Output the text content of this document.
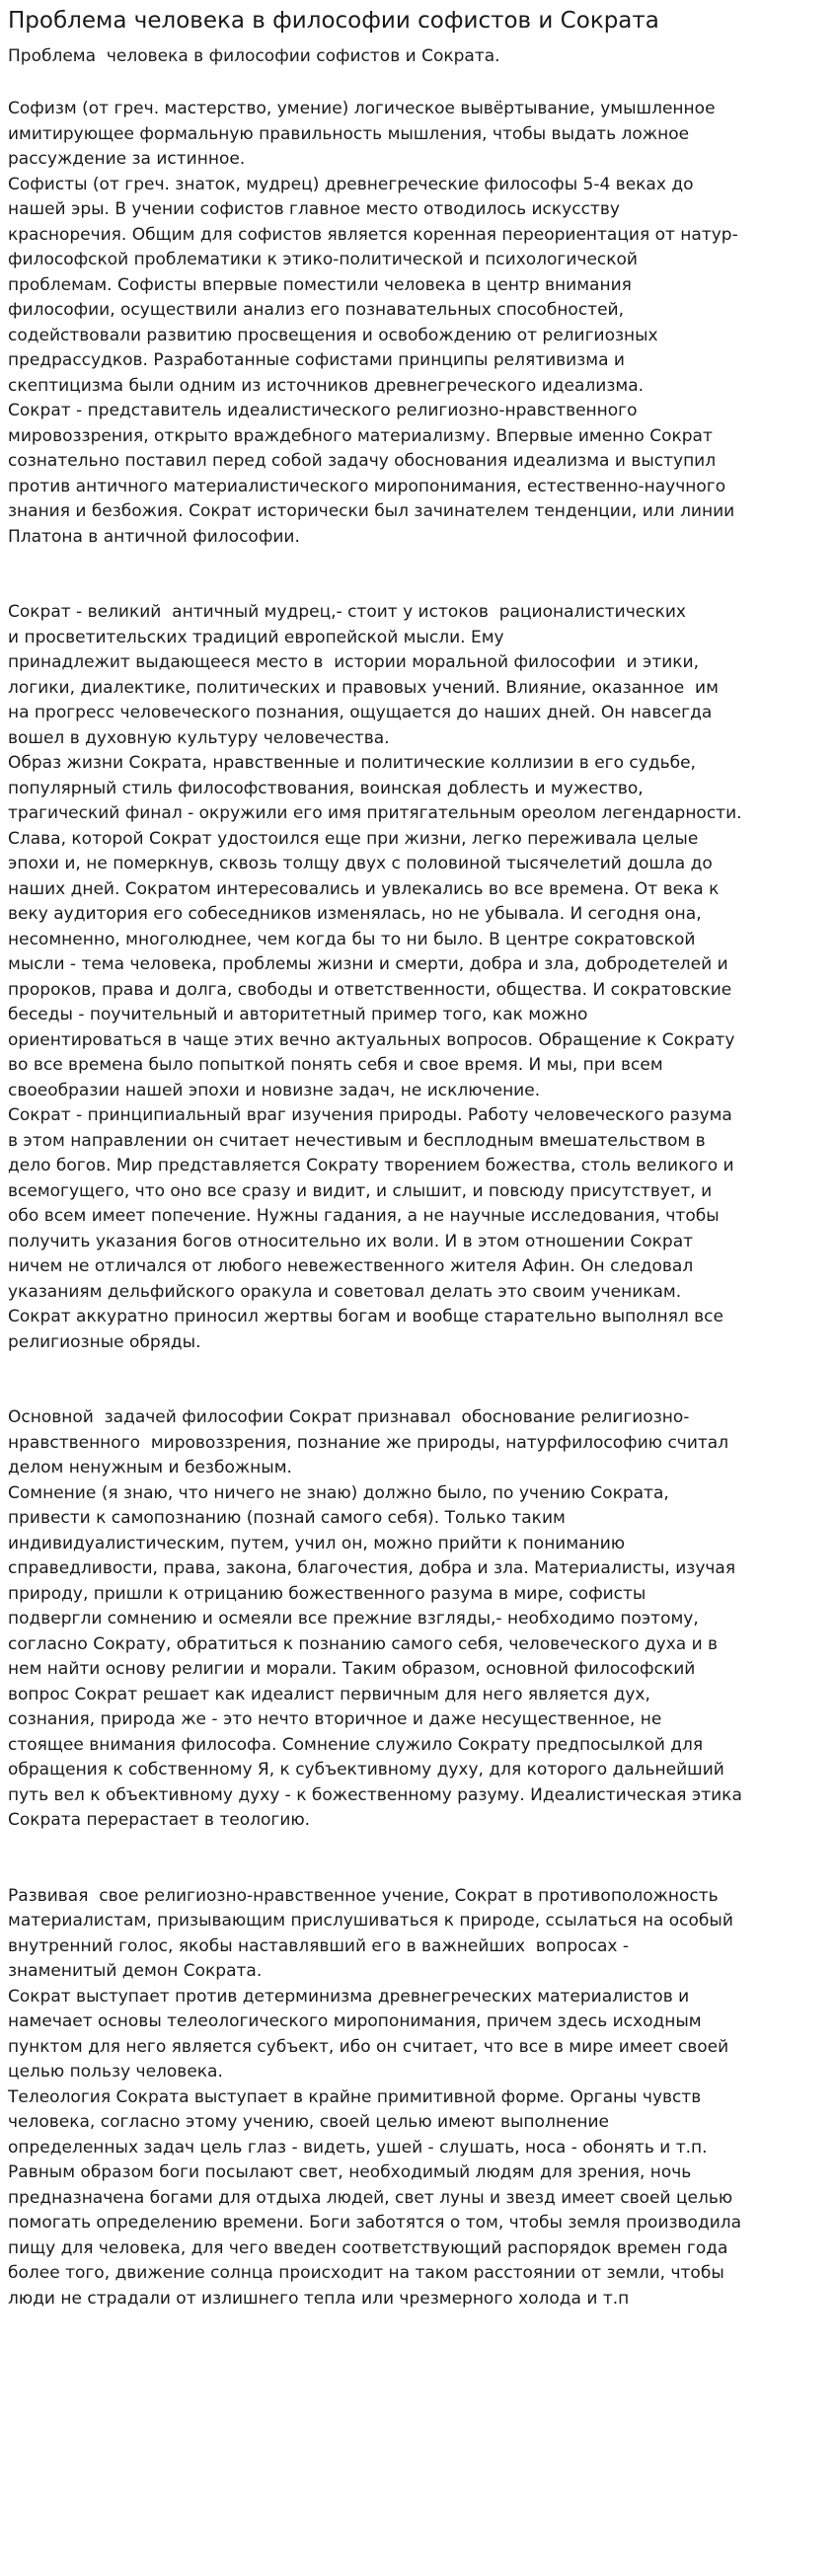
Проблема человека в философии софистов и Сократа

Проблема  человека в философии софистов и Сократа.

Софизм (от греч. мастерство, умение) логическое вывёртывание, умышленное

имитирующее формальную правильность мышления, чтобы выдать ложное

рассуждение за истинное.

Софисты (от греч. знаток, мудрец) древнегреческие философы 5-4 веках до

нашей эры. В учении софистов главное место отводилось искусству

красноречия. Общим для софистов является коренная переориентация от натур-

философской проблематики к этико-политической и психологической

проблемам. Софисты впервые поместили человека в центр внимания

философии, осуществили анализ его познавательных способностей,

содействовали развитию просвещения и освобождению от религиозных

предрассудков. Разработанные софистами принципы релятивизма и

скептицизма были одним из источников древнегреческого идеализма.

Сократ - представитель идеалистического религиозно-нравственного

мировоззрения, открыто враждебного материализму. Впервые именно Сократ

сознательно поставил перед собой задачу обоснования идеализма и выступил

против античного материалистического миропонимания, естественно-научного

знания и безбожия. Сократ исторически был зачинателем тенденции, или линии

Платона в античной философии.

Сократ - великий  античный мудрец,- стоит у истоков  рационалистических

и просветительских традиций европейской мысли. Ему

принадлежит выдающееся место в  истории моральной философии  и этики,

логики, диалектике, политических и правовых учений. Влияние, оказанное  им

на прогресс человеческого познания, ощущается до наших дней. Он навсегда

вошел в духовную культуру человечества.

Образ жизни Сократа, нравственные и политические коллизии в его судьбе,

популярный стиль философствования, воинская доблесть и мужество,

трагический финал - окружили его имя притягательным ореолом легендарности.

Слава, которой Сократ удостоился еще при жизни, легко переживала целые

эпохи и, не померкнув, сквозь толщу двух с половиной тысячелетий дошла до

наших дней. Сократом интересовались и увлекались во все времена. От века к

веку аудитория его собеседников изменялась, но не убывала. И сегодня она,

несомненно, многолюднее, чем когда бы то ни было. В центре сократовской

мысли - тема человека, проблемы жизни и смерти, добра и зла, добродетелей и

пророков, права и долга, свободы и ответственности, общества. И сократовские

беседы - поучительный и авторитетный пример того, как можно

ориентироваться в чаще этих вечно актуальных вопросов. Обращение к Сократу

во все времена было попыткой понять себя и свое время. И мы, при всем

своеобразии нашей эпохи и новизне задач, не исключение.

Сократ - принципиальный враг изучения природы. Работу человеческого разума

в этом направлении он считает нечестивым и бесплодным вмешательством в

дело богов. Мир представляется Сократу творением божества, столь великого и

всемогущего, что оно все сразу и видит, и слышит, и повсюду присутствует, и

обо всем имеет попечение. Нужны гадания, а не научные исследования, чтобы

получить указания богов относительно их воли. И в этом отношении Сократ

ничем не отличался от любого невежественного жителя Афин. Он следовал

указаниям дельфийского оракула и советовал делать это своим ученикам.

Сократ аккуратно приносил жертвы богам и вообще старательно выполнял все

религиозные обряды.

Основной  задачей философии Сократ признавал  обоснование религиозно-

нравственного  мировоззрения, познание же природы, натурфилософию считал

делом ненужным и безбожным.

Сомнение (я знаю, что ничего не знаю) должно было, по учению Сократа,

привести к самопознанию (познай самого себя). Только таким

индивидуалистическим, путем, учил он, можно прийти к пониманию

справедливости, права, закона, благочестия, добра и зла. Материалисты, изучая

природу, пришли к отрицанию божественного разума в мире, софисты

подвергли сомнению и осмеяли все прежние взгляды,- необходимо поэтому,

согласно Сократу, обратиться к познанию самого себя, человеческого духа и в

нем найти основу религии и морали. Таким образом, основной философский

вопрос Сократ решает как идеалист первичным для него является дух,

сознания, природа же - это нечто вторичное и даже несущественное, не

стоящее внимания философа. Сомнение служило Сократу предпосылкой для

обращения к собственному Я, к субъективному духу, для которого дальнейший

путь вел к объективному духу - к божественному разуму. Идеалистическая этика

Сократа перерастает в теологию.

Развивая  свое религиозно-нравственное учение, Сократ в противоположность

материалистам, призывающим прислушиваться к природе, ссылаться на особый

внутренний голос, якобы наставлявший его в важнейших  вопросах -

знаменитый демон Сократа.

Сократ выступает против детерминизма древнегреческих материалистов и

намечает основы телеологического миропонимания, причем здесь исходным

пунктом для него является субъект, ибо он считает, что все в мире имеет своей

целью пользу человека.

Телеология Сократа выступает в крайне примитивной форме. Органы чувств

человека, согласно этому учению, своей целью имеют выполнение

определенных задач цель глаз - видеть, ушей - слушать, носа - обонять и т.п.

Равным образом боги посылают свет, необходимый людям для зрения, ночь

предназначена богами для отдыха людей, свет луны и звезд имеет своей целью

помогать определению времени. Боги заботятся о том, чтобы земля производила

пищу для человека, для чего введен соответствующий распорядок времен года

более того, движение солнца происходит на таком расстоянии от земли, чтобы

люди не страдали от излишнего тепла или чрезмерного холода и т.п
